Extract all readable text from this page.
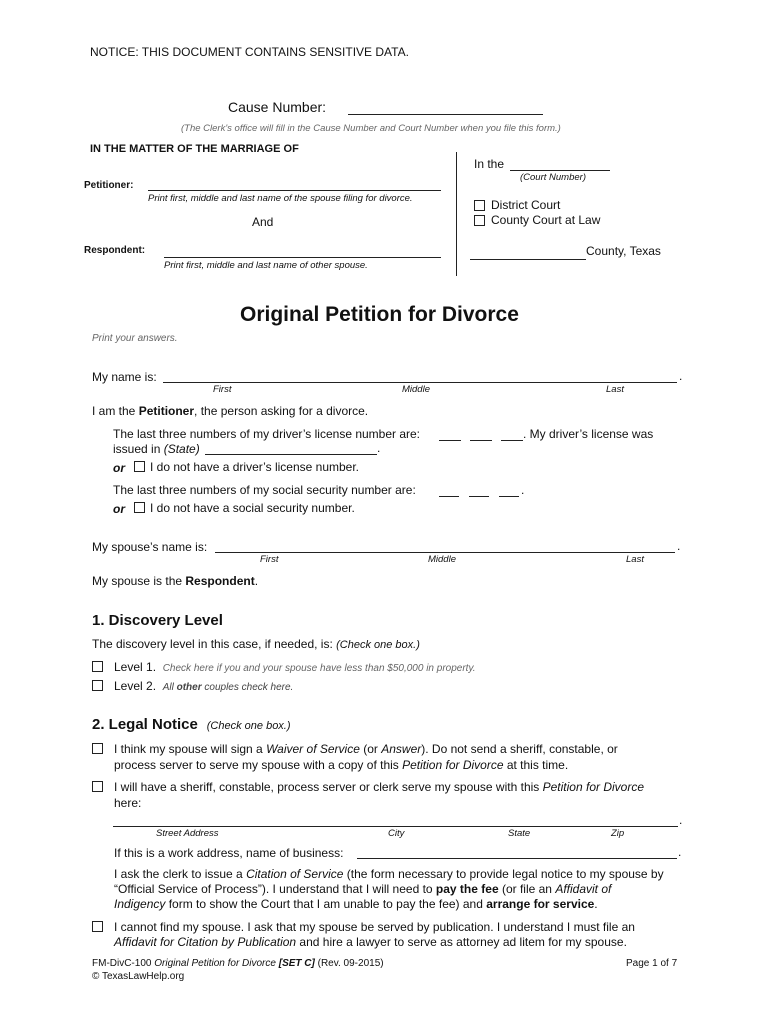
NOTICE: THIS DOCUMENT CONTAINS SENSITIVE DATA.
Cause Number:
(The Clerk's office will fill in the Cause Number and Court Number when you file this form.)
IN THE MATTER OF THE MARRIAGE OF
Petitioner:
Print first, middle and last name of the spouse filing for divorce.
And
Respondent:
Print first, middle and last name of other spouse.
In the
(Court Number)
District Court
County Court at Law
County, Texas
Original Petition for Divorce
Print your answers.
My name is:	.
First	Middle	Last
I am the Petitioner, the person asking for a divorce.
The last three numbers of my driver’s license number are:	. My driver’s license was
issued in (State)	.
or I do not have a driver’s license number.
The last three numbers of my social security number are:	.
or I do not have a social security number.
My spouse’s name is:	.
First	Middle	Last
My spouse is the Respondent.
1. Discovery Level
The discovery level in this case, if needed, is: (Check one box.)
Level 1. Check here if you and your spouse have less than $50,000 in property.
Level 2. All other couples check here.
2. Legal Notice (Check one box.)
I think my spouse will sign a Waiver of Service (or Answer). Do not send a sheriff, constable, or
process server to serve my spouse with a copy of this Petition for Divorce at this time.
I will have a sheriff, constable, process server or clerk serve my spouse with this Petition for Divorce
here:
.
Street Address	City	State	Zip
If this is a work address, name of business:	.
I ask the clerk to issue a Citation of Service (the form necessary to provide legal notice to my spouse by
“Official Service of Process”). I understand that I will need to pay the fee (or file an Affidavit of
Indigency form to show the Court that I am unable to pay the fee) and arrange for service.
I cannot find my spouse. I ask that my spouse be served by publication. I understand I must file an
Affidavit for Citation by Publication and hire a lawyer to serve as attorney ad litem for my spouse.
FM-DivC-100 Original Petition for Divorce [SET C] (Rev. 09-2015)
© TexasLawHelp.org
Page 1 of 7
